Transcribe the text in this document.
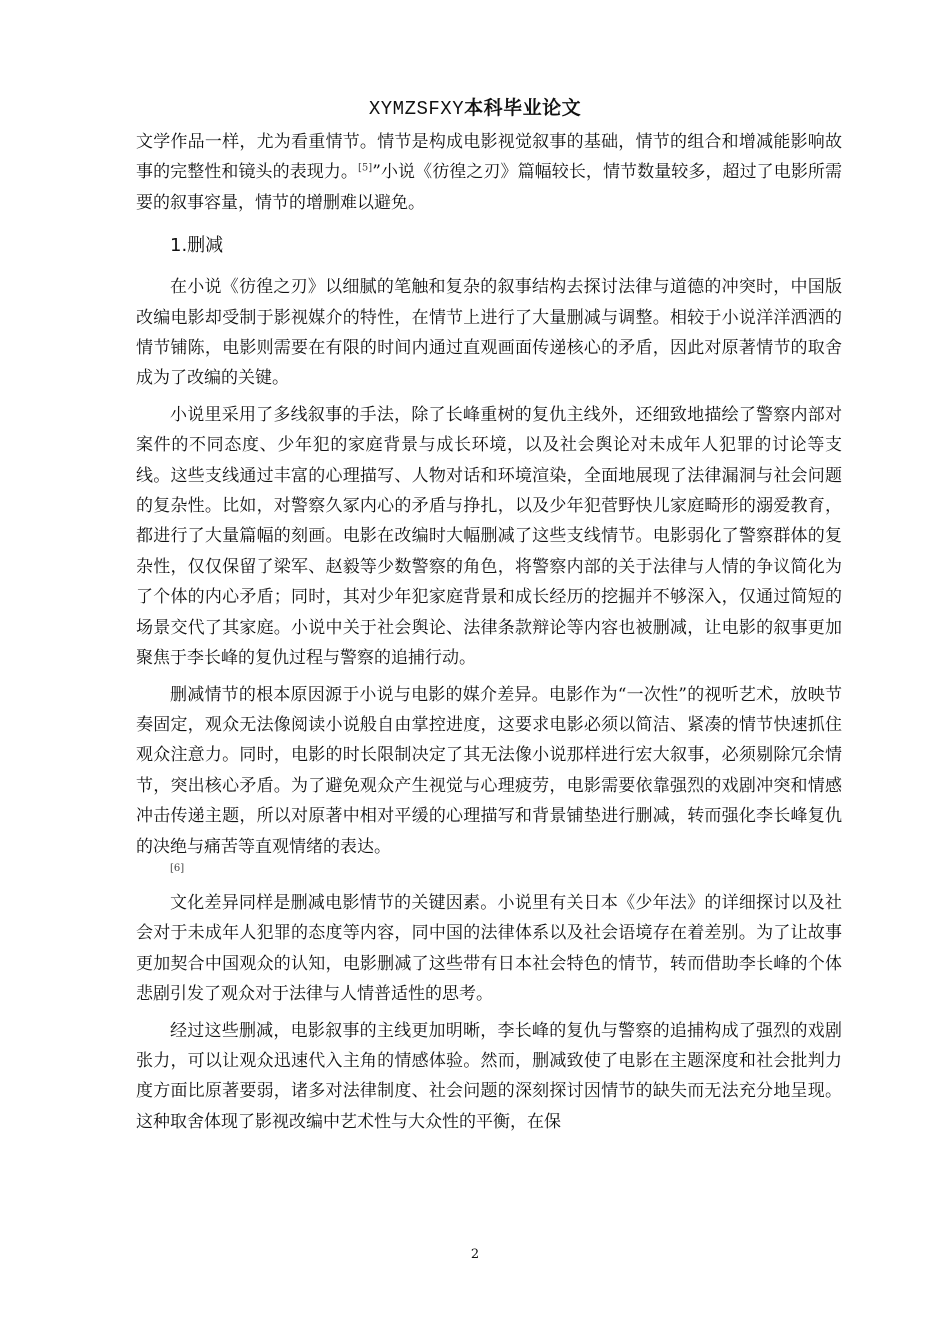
XYMZSFXY本科毕业论文

文学作品一样，尤为看重情节。情节是构成电影视觉叙事的基础，情节的组合和增减能影响故事的完整性和镜头的表现力。[5]”小说《彷徨之刃》篇幅较长，情节数量较多，超过了电影所需要的叙事容量，情节的增删难以避免。

1.删减

在小说《彷徨之刃》以细腻的笔触和复杂的叙事结构去探讨法律与道德的冲突时，中国版改编电影却受制于影视媒介的特性，在情节上进行了大量删减与调整。相较于小说洋洋洒洒的情节铺陈，电影则需要在有限的时间内通过直观画面传递核心的矛盾，因此对原著情节的取舍成为了改编的关键。

小说里采用了多线叙事的手法，除了长峰重树的复仇主线外，还细致地描绘了警察内部对案件的不同态度、少年犯的家庭背景与成长环境，以及社会舆论对未成年人犯罪的讨论等支线。这些支线通过丰富的心理描写、人物对话和环境渲染，全面地展现了法律漏洞与社会问题的复杂性。比如，对警察久冢内心的矛盾与挣扎，以及少年犯菅野快儿家庭畸形的溺爱教育，都进行了大量篇幅的刻画。电影在改编时大幅删减了这些支线情节。电影弱化了警察群体的复杂性，仅仅保留了梁军、赵毅等少数警察的角色，将警察内部的关于法律与人情的争议简化为了个体的内心矛盾；同时，其对少年犯家庭背景和成长经历的挖掘并不够深入，仅通过简短的场景交代了其家庭。小说中关于社会舆论、法律条款辩论等内容也被删减，让电影的叙事更加聚焦于李长峰的复仇过程与警察的追捕行动。

删减情节的根本原因源于小说与电影的媒介差异。电影作为“一次性”的视听艺术，放映节奏固定，观众无法像阅读小说般自由掌控进度，这要求电影必须以简洁、紧凑的情节快速抓住观众注意力。同时，电影的时长限制决定了其无法像小说那样进行宏大叙事，必须剔除冗余情节，突出核心矛盾。为了避免观众产生视觉与心理疲劳，电影需要依靠强烈的戏剧冲突和情感冲击传递主题，所以对原著中相对平缓的心理描写和背景铺垫进行删减，转而强化李长峰复仇的决绝与痛苦等直观情绪的表达。
[6]

文化差异同样是删减电影情节的关键因素。小说里有关日本《少年法》的详细探讨以及社会对于未成年人犯罪的态度等内容，同中国的法律体系以及社会语境存在着差别。为了让故事更加契合中国观众的认知，电影删减了这些带有日本社会特色的情节，转而借助李长峰的个体悲剧引发了观众对于法律与人情普适性的思考。

经过这些删减，电影叙事的主线更加明晰，李长峰的复仇与警察的追捕构成了强烈的戏剧张力，可以让观众迅速代入主角的情感体验。然而，删减致使了电影在主题深度和社会批判力度方面比原著要弱，诸多对法律制度、社会问题的深刻探讨因情节的缺失而无法充分地呈现。这种取舍体现了影视改编中艺术性与大众性的平衡，在保

2
